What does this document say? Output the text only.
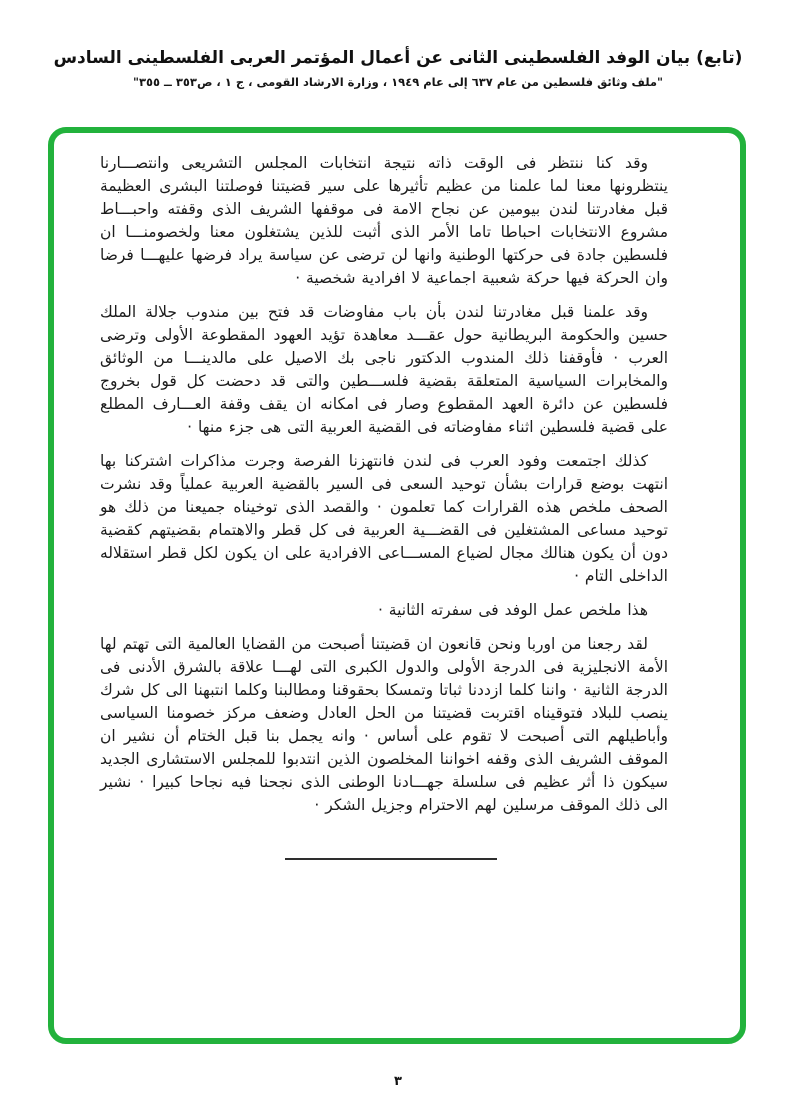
(تابع) بيان الوفد الفلسطينى الثانى عن أعمال المؤتمر العربى الفلسطينى السادس
"ملف وثائق فلسطين من عام ٦٣٧ إلى عام ١٩٤٩ ، وزارة الارشاد القومى ، ج ١ ، ص٣٥٣ ــ ٣٥٥"

وقد كنا ننتظر فى الوقت ذاته نتيجة انتخابات المجلس التشريعى وانتصـــارنا ينتظرونها معنا لما علمنا من عظيم تأثيرها على سير قضيتنا فوصلتنا البشرى العظيمة قبل مغادرتنا لندن بيومين عن نجاح الامة فى موقفها الشريف الذى وقفته واحبـــاط مشروع الانتخابات احباطا تاما الأمر الذى أثبت للذين يشتغلون معنا ولخصومنـــا ان فلسطين جادة فى حركتها الوطنية وانها لن ترضى عن سياسة يراد فرضها عليهـــا فرضا وان الحركة فيها حركة شعبية اجماعية لا افرادية شخصية ·

وقد علمنا قبل مغادرتنا لندن بأن باب مفاوضات قد فتح بين مندوب جلالة الملك حسين والحكومة البريطانية حول عقـــد معاهدة تؤيد العهود المقطوعة الأولى وترضى العرب · فأوقفنا ذلك المندوب الدكتور ناجى بك الاصيل على مالدينـــا من الوثائق والمخابرات السياسية المتعلقة بقضية فلســـطين والتى قد دحضت كل قول بخروج فلسطين عن دائرة العهد المقطوع وصار فى امكانه ان يقف وقفة العـــارف المطلع على قضية فلسطين اثناء مفاوضاته فى القضية العربية التى هى جزء منها ·

كذلك اجتمعت وفود العرب فى لندن فانتهزنا الفرصة وجرت مذاكرات اشتركنا بها انتهت بوضع قرارات بشأن توحيد السعى فى السير بالقضية العربية عملياً وقد نشرت الصحف ملخص هذه القرارات كما تعلمون · والقصد الذى توخيناه جميعنا من ذلك هو توحيد مساعى المشتغلين فى القضـــية العربية فى كل قطر والاهتمام بقضيتهم كقضية دون أن يكون هنالك مجال لضياع المســـاعى الافرادية على ان يكون لكل قطر استقلاله الداخلى التام ·

هذا ملخص عمل الوفد فى سفرته الثانية ·

لقد رجعنا من اوربا ونحن قانعون ان قضيتنا أصبحت من القضايا العالمية التى تهتم لها الأمة الانجليزية فى الدرجة الأولى والدول الكبرى التى لهـــا علاقة بالشرق الأدنى فى الدرجة الثانية · واننا كلما ازددنا ثباتا وتمسكا بحقوقنا ومطالبنا وكلما انتبهنا الى كل شرك ينصب للبلاد فتوقيناه اقتربت قضيتنا من الحل العادل وضعف مركز خصومنا السياسى وأباطيلهم التى أصبحت لا تقوم على أساس · وانه يجمل بنا قبل الختام أن نشير ان الموقف الشريف الذى وقفه اخواننا المخلصون الذين انتدبوا للمجلس الاستشارى الجديد سيكون ذا أثر عظيم فى سلسلة جهـــادنا الوطنى الذى نجحنا فيه نجاحا كبيرا · نشير الى ذلك الموقف مرسلين لهم الاحترام وجزيل الشكر ·

٣
